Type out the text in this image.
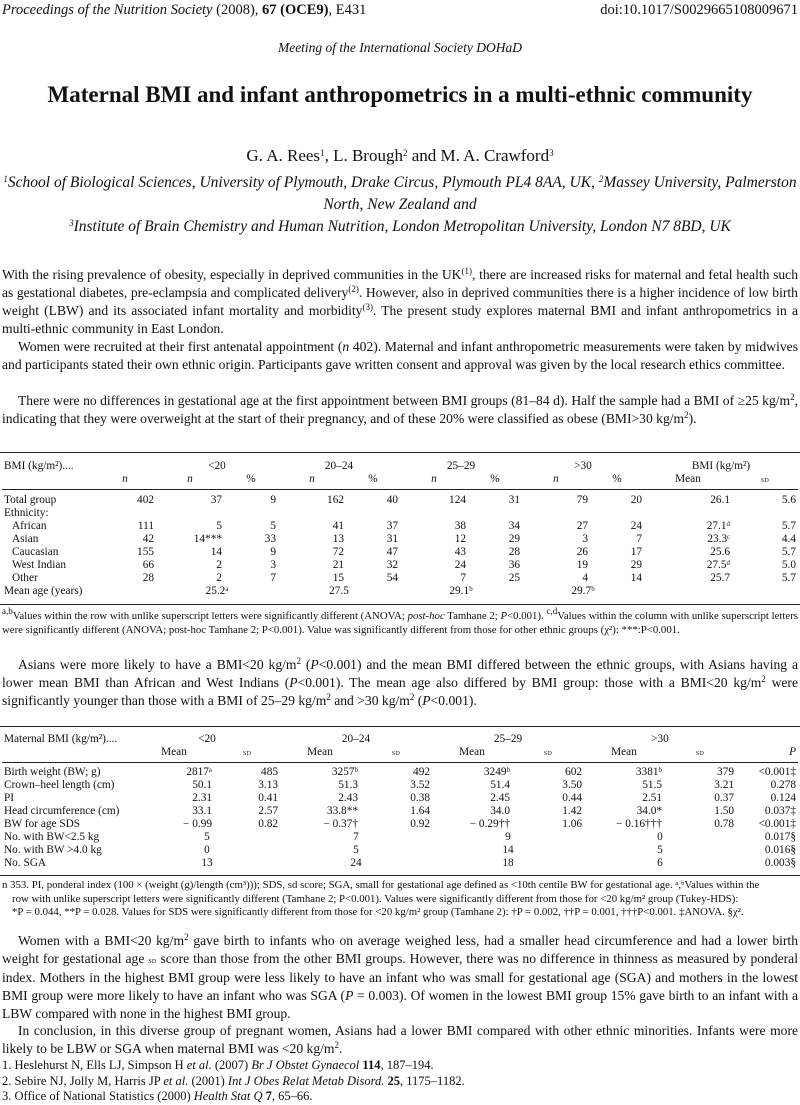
Proceedings of the Nutrition Society (2008), 67 (OCE9), E431	doi:10.1017/S0029665108009671
Meeting of the International Society DOHaD
Maternal BMI and infant anthropometrics in a multi-ethnic community
G. A. Rees$^1$, L. Brough$^2$ and M. A. Crawford$^3$
$^1$School of Biological Sciences, University of Plymouth, Drake Circus, Plymouth PL4 8AA, UK, $^2$Massey University, Palmerston North, New Zealand and
$^3$Institute of Brain Chemistry and Human Nutrition, London Metropolitan University, London N7 8BD, UK
With the rising prevalence of obesity, especially in deprived communities in the UK$^{(1)}$, there are increased risks for maternal and fetal health such as gestational diabetes, pre-eclampsia and complicated delivery$^{(2)}$. However, also in deprived communities there is a higher incidence of low birth weight (LBW) and its associated infant mortality and morbidity$^{(3)}$. The present study explores maternal BMI and infant anthropometrics in a multi-ethnic community in East London.
Women were recruited at their first antenatal appointment (n 402). Maternal and infant anthropometric measurements were taken by midwives and participants stated their own ethnic origin. Participants gave written consent and approval was given by the local research ethics committee.
There were no differences in gestational age at the first appointment between BMI groups (81–84 d). Half the sample had a BMI of ≥25 $kg/m^2$, indicating that they were overweight at the start of their pregnancy, and of these 20% were classified as obese (BMI>30 $kg/m^2$).
BMI (kg/m²)....		<20		20–24		25–29		>30		BMI (kg/m²)	
	n	n	%	n	%	n	%	n	%	Mean	sd

Total group	402	37	9	162	40	124	31	79	20	26.1	5.6
Ethnicity:											
African	111	5	5	41	37	38	34	27	24	27.1ᵈ	5.7
Asian	42	14***	33	13	31	12	29	3	7	23.3ᶜ	4.4
Caucasian	155	14	9	72	47	43	28	26	17	25.6	5.7
West Indian	66	2	3	21	32	24	36	19	29	27.5ᵈ	5.0
Other	28	2	7	15	54	7	25	4	14	25.7	5.7
Mean age (years)		25.2ᵃ		27.5		29.1ᵇ		29.7ᵇ			
$^{a,b}$Values within the row with unlike superscript letters were significantly different (ANOVA; post-hoc Tamhane 2; P<0.001). $^{c,d}$Values within the column with unlike superscript letters were significantly different (ANOVA; post-hoc Tamhane 2; P<0.001). Value was significantly different from those for other ethnic groups (χ²): ***:P<0.001.
Asians were more likely to have a BMI<20 $kg/m^2$ (P<0.001) and the mean BMI differed between the ethnic groups, with Asians having a lower mean BMI than African and West Indians (P<0.001). The mean age also differed by BMI group: those with a BMI<20 $kg/m^2$ were significantly younger than those with a BMI of 25–29 $kg/m^2$ and >30 $kg/m^2$ (P<0.001).
Maternal BMI (kg/m²)....	<20		20–24		25–29		>30		
	Mean	sd	Mean	sd	Mean	sd	Mean	sd	P

Birth weight (BW; g)	2817ᵃ	485	3257ᵇ	492	3249ᵇ	602	3381ᵇ	379	<0.001‡
Crown–heel length (cm)	50.1	3.13	51.3	3.52	51.4	3.50	51.5	3.21	0.278
PI	2.31	0.41	2.43	0.38	2.45	0.44	2.51	0.37	0.124
Head circumference (cm)	33.1	2.57	33.8**	1.64	34.0	1.42	34.0*	1.50	0.037‡
BW for age SDS	− 0.99	0.82	− 0.37†	0.92	− 0.29††	1.06	− 0.16†††	0.78	<0.001‡
No. with BW<2.5 kg	5		7		9		0		0.017§
No. with BW >4.0 kg	0		5		14		5		0.016§
No. SGA	13		24		18		6		0.003§
n 353. PI, ponderal index (100 × (weight (g)/length (cm³))); SDS, sd score; SGA, small for gestational age defined as <10th centile BW for gestational age. ᵃ,ᵇValues within the
row with unlike superscript letters were significantly different (Tamhane 2; P<0.001). Values were significantly different from those for <20 kg/m² group (Tukey-HDS):
*P = 0.044, **P = 0.028. Values for SDS were significantly different from those for <20 kg/m² group (Tamhane 2): †P = 0.002, ††P = 0.001, †††P<0.001. ‡ANOVA. §χ².
Women with a BMI<20 $kg/m^2$ gave birth to infants who on average weighed less, had a smaller head circumference and had a lower birth weight for gestational age sd score than those from the other BMI groups. However, there was no difference in thinness as measured by ponderal index. Mothers in the highest BMI group were less likely to have an infant who was small for gestational age (SGA) and mothers in the lowest BMI group were more likely to have an infant who was SGA (P = 0.003). Of women in the lowest BMI group 15% gave birth to an infant with a LBW compared with none in the highest BMI group.
In conclusion, in this diverse group of pregnant women, Asians had a lower BMI compared with other ethnic minorities. Infants were more likely to be LBW or SGA when maternal BMI was <20 $kg/m^2$.
1. Heslehurst N, Ells LJ, Simpson H et al. (2007) Br J Obstet Gynaecol 114, 187–194.
2. Sebire NJ, Jolly M, Harris JP et al. (2001) Int J Obes Relat Metab Disord. 25, 1175–1182.
3. Office of National Statistics (2000) Health Stat Q 7, 65–66.
